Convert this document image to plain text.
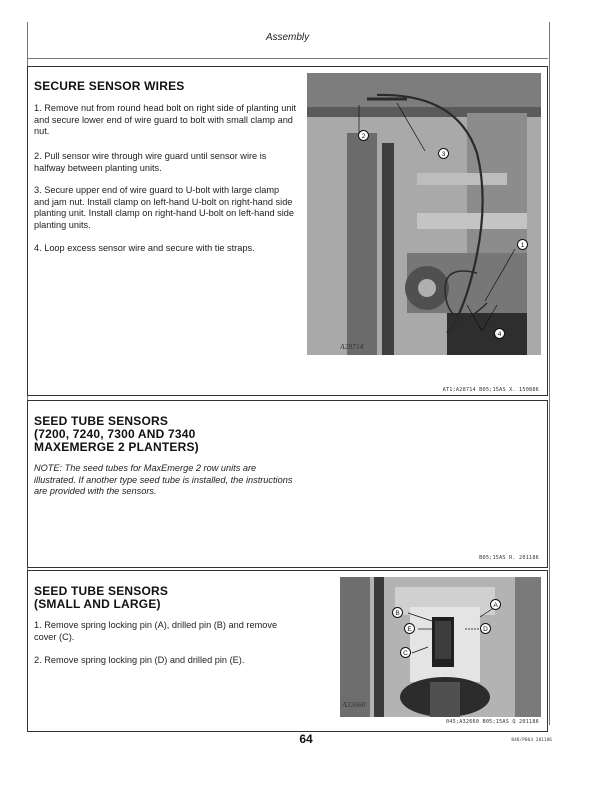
Assembly
SECURE SENSOR WIRES
1. Remove nut from round head bolt on right side of planting unit and secure lower end of wire guard to bolt with small clamp and nut.
2. Pull sensor wire through wire guard until sensor wire is halfway between planting units.
3. Secure upper end of wire guard to U-bolt with large clamp and jam nut. Install clamp on left-hand U-bolt on right-hand side planting unit. Install clamp on right-hand U-bolt on left-hand side planting units.
4. Loop excess sensor wire and secure with tie straps.
2
3
1
4
A28714
AT1;A28714 B05;15AS X. 150886
SEED TUBE SENSORS
(7200, 7240, 7300 AND 7340
MAXEMERGE 2 PLANTERS)
NOTE: The seed tubes for MaxEmerge 2 row units are illustrated. If another type seed tube is installed, the instructions are provided with the sensors.
B05;15AS R. 201186
SEED TUBE SENSORS
(SMALL AND LARGE)
1. Remove spring locking pin (A), drilled pin (B) and remove cover (C).
2. Remove spring locking pin (D) and drilled pin (E).
A
B
E	D
C
A32660
045;A32660 B05;15AS Q 201186
64	B48/P064 201186
